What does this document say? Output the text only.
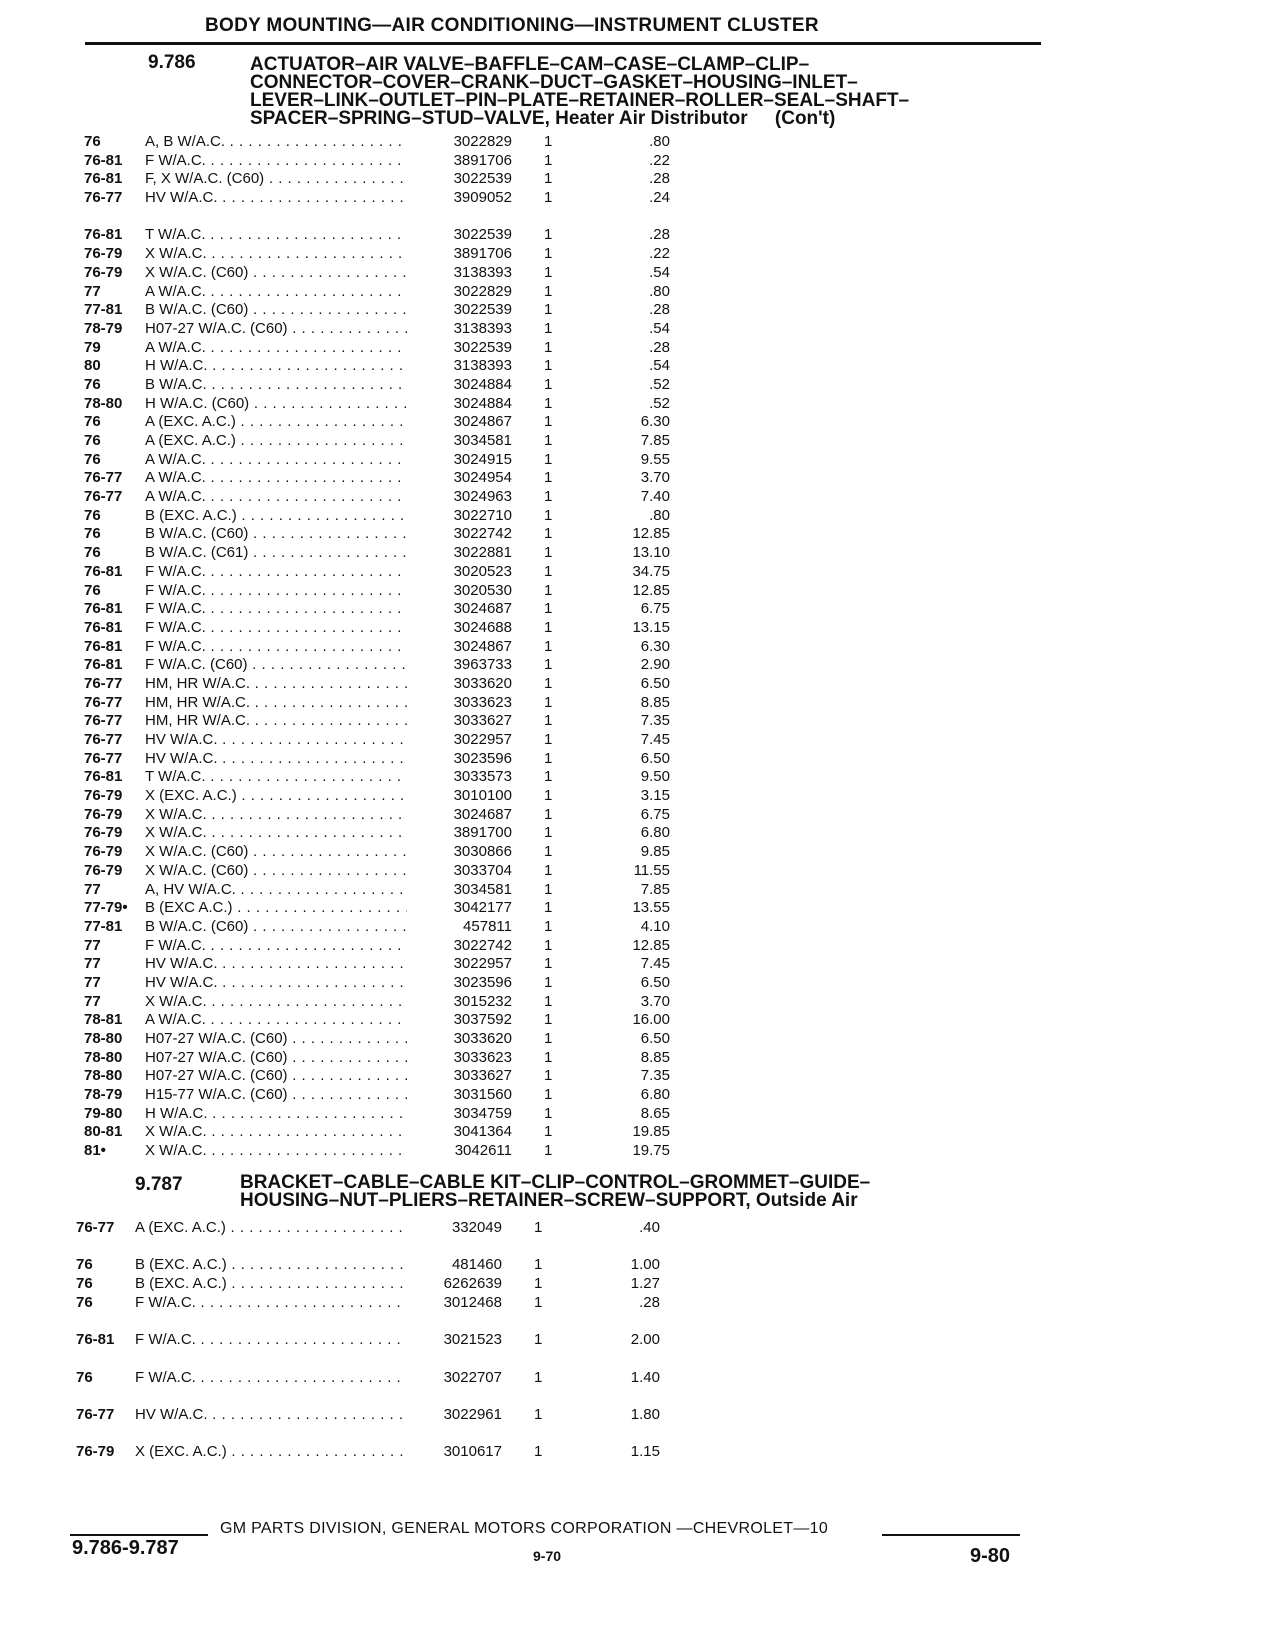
BODY MOUNTING—AIR CONDITIONING—INSTRUMENT CLUSTER
9.786	ACTUATOR–AIR VALVE–BAFFLE–CAM–CASE–CLAMP–CLIP–
CONNECTOR–COVER–CRANK–DUCT–GASKET–HOUSING–INLET–
LEVER–LINK–OUTLET–PIN–PLATE–RETAINER–ROLLER–SEAL–SHAFT–
SPACER–SPRING–STUD–VALVE, Heater Air Distributor (Con't)
76	A, B W/A.C. . . .	3022829 1	.80
76-81 F W/A.C. . . .	3891706 1	.22
76-81 F, X W/A.C. (C60) . . .	3022539 1	.28
76-77 HV W/A.C. . . .	3909052 1	.24
76-81 T W/A.C. . . .	3022539 1	.28
76-79 X W/A.C. . . .	3891706 1	.22
76-79 X W/A.C. (C60) . . .	3138393 1	.54
77	A W/A.C. . . .	3022829 1	.80
77-81 B W/A.C. (C60) . . .	3022539 1	.28
78-79 H07-27 W/A.C. (C60) . . .	3138393 1	.54
79	A W/A.C. . . .	3022539 1	.28
80	H W/A.C. . . .	3138393 1	.54
76	B W/A.C. . . .	3024884 1	.52
78-80 H W/A.C. (C60) . . .	3024884 1	.52
76	A (EXC. A.C.) . . .	3024867 1	6.30
76	A (EXC. A.C.) . . .	3034581 1	7.85
76	A W/A.C. . . .	3024915 1	9.55
76-77 A W/A.C. . . .	3024954 1	3.70
76-77 A W/A.C. . . .	3024963 1	7.40
76	B (EXC. A.C.) . . .	3022710 1	.80
76	B W/A.C. (C60) . . .	3022742 1	12.85
76	B W/A.C. (C61) . . .	3022881 1	13.10
76-81 F W/A.C. . . .	3020523 1	34.75
76	F W/A.C. . . .	3020530 1	12.85
76-81 F W/A.C. . . .	3024687 1	6.75
76-81 F W/A.C. . . .	3024688 1	13.15
76-81 F W/A.C. . . .	3024867 1	6.30
76-81 F W/A.C. (C60) . . .	3963733 1	2.90
76-77 HM, HR W/A.C. . . .	3033620 1	6.50
76-77 HM, HR W/A.C. . . .	3033623 1	8.85
76-77 HM, HR W/A.C. . . .	3033627 1	7.35
76-77 HV W/A.C. . . .	3022957 1	7.45
76-77 HV W/A.C. . . .	3023596 1	6.50
76-81 T W/A.C. . . .	3033573 1	9.50
76-79 X (EXC. A.C.) . . .	3010100 1	3.15
76-79 X W/A.C. . . .	3024687 1	6.75
76-79 X W/A.C. . . .	3891700 1	6.80
76-79 X W/A.C. (C60) . . .	3030866 1	9.85
76-79 X W/A.C. (C60) . . .	3033704 1	11.55
77	A, HV W/A.C. . . .	3034581 1	7.85
77-79• B (EXC A.C.) . . .	3042177 1	13.55
77-81 B W/A.C. (C60) . . .	457811 1	4.10
77	F W/A.C. . . .	3022742 1	12.85
77	HV W/A.C. . . .	3022957 1	7.45
77	HV W/A.C. . . .	3023596 1	6.50
77	X W/A.C. . . .	3015232 1	3.70
78-81 A W/A.C. . . .	3037592 1	16.00
78-80 H07-27 W/A.C. (C60) . . .	3033620 1	6.50
78-80 H07-27 W/A.C. (C60) . . .	3033623 1	8.85
78-80 H07-27 W/A.C. (C60) . . .	3033627 1	7.35
78-79 H15-77 W/A.C. (C60) . . .	3031560 1	6.80
79-80 H W/A.C. . . .	3034759 1	8.65
80-81 X W/A.C. . . .	3041364 1	19.85
81•	X W/A.C. . . .	3042611 1	19.75
9.787	BRACKET–CABLE–CABLE KIT–CLIP–CONTROL–GROMMET–GUIDE–
HOUSING–NUT–PLIERS–RETAINER–SCREW–SUPPORT, Outside Air
76-77 A (EXC. A.C.) . . .	332049 1	.40
76	B (EXC. A.C.) . . .	481460 1	1.00
76	B (EXC. A.C.) . . .	6262639 1	1.27
76	F W/A.C. . . .	3012468 1	.28
76-81 F W/A.C. . . .	3021523 1	2.00
76	F W/A.C. . . .	3022707 1	1.40
76-77 HV W/A.C. . . .	3022961 1	1.80
76-79 X (EXC. A.C.) . . .	3010617 1	1.15
GM PARTS DIVISION, GENERAL MOTORS CORPORATION —CHEVROLET—10
9.786-9.787	9-70	9-80
